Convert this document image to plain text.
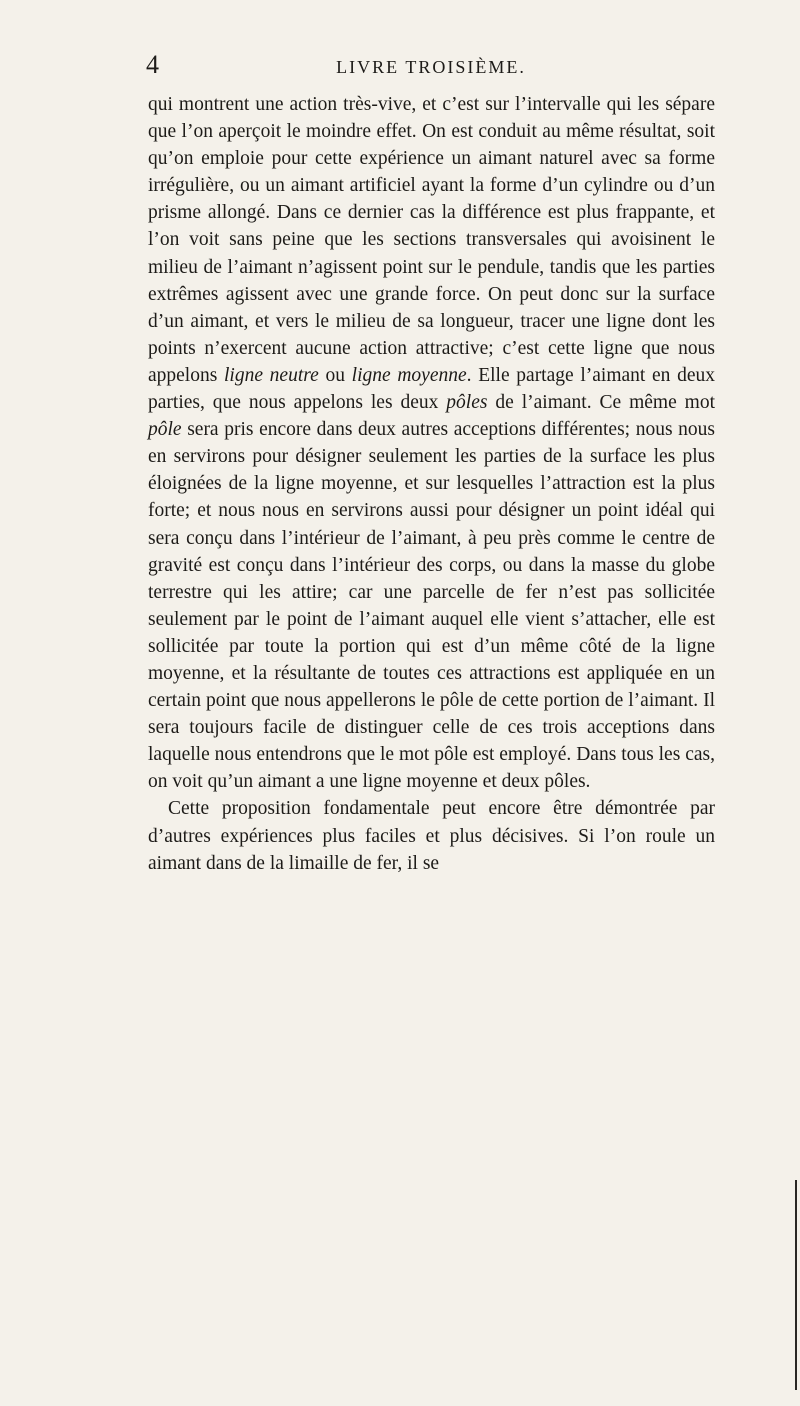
4	LIVRE TROISIÈME.

qui montrent une action très-vive, et c’est sur l’intervalle qui les sépare que l’on aperçoit le moindre effet. On est conduit au même résultat, soit qu’on emploie pour cette expérience un aimant naturel avec sa forme irrégulière, ou un aimant artificiel ayant la forme d’un cylindre ou d’un prisme allongé. Dans ce dernier cas la différence est plus frappante, et l’on voit sans peine que les sections transversales qui avoisinent le milieu de l’aimant n’agissent point sur le pendule, tandis que les parties extrêmes agissent avec une grande force. On peut donc sur la surface d’un aimant, et vers le milieu de sa longueur, tracer une ligne dont les points n’exercent aucune action attractive; c’est cette ligne que nous appelons ligne neutre ou ligne moyenne. Elle partage l’aimant en deux parties, que nous appelons les deux pôles de l’aimant. Ce même mot pôle sera pris encore dans deux autres acceptions différentes; nous nous en servirons pour désigner seulement les parties de la surface les plus éloignées de la ligne moyenne, et sur lesquelles l’attraction est la plus forte; et nous nous en servirons aussi pour désigner un point idéal qui sera conçu dans l’intérieur de l’aimant, à peu près comme le centre de gravité est conçu dans l’intérieur des corps, ou dans la masse du globe terrestre qui les attire; car une parcelle de fer n’est pas sollicitée seulement par le point de l’aimant auquel elle vient s’attacher, elle est sollicitée par toute la portion qui est d’un même côté de la ligne moyenne, et la résultante de toutes ces attractions est appliquée en un certain point que nous appellerons le pôle de cette portion de l’aimant. Il sera toujours facile de distinguer celle de ces trois acceptions dans laquelle nous entendrons que le mot pôle est employé. Dans tous les cas, on voit qu’un aimant a une ligne moyenne et deux pôles.

Cette proposition fondamentale peut encore être démontrée par d’autres expériences plus faciles et plus décisives. Si l’on roule un aimant dans de la limaille de fer, il se
